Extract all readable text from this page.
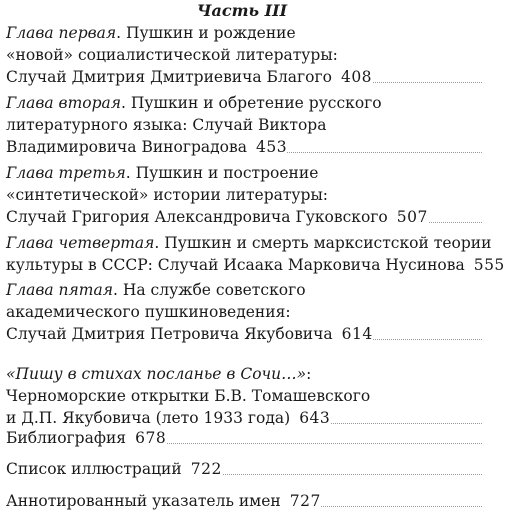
Часть III
Глава первая. Пушкин и рождение
«новой» социалистической литературы:
Случай Дмитрия Дмитриевича Благого 408
Глава вторая. Пушкин и обретение русского
литературного языка: Случай Виктора
Владимировича Виноградова 453
Глава третья. Пушкин и построение
«синтетической» истории литературы:
Случай Григория Александровича Гуковского 507
Глава четвертая. Пушкин и смерть марксистской теории
культуры в СССР: Случай Исаака Марковича Нусинова 555
Глава пятая. На службе советского
академического пушкиноведения:
Случай Дмитрия Петровича Якубовича 614
«Пишу в стихах посланье в Сочи…»:
Черноморские открытки Б.В. Томашевского
и Д.П. Якубовича (лето 1933 года) 643
Библиография 678
Список иллюстраций 722
Аннотированный указатель имен 727
